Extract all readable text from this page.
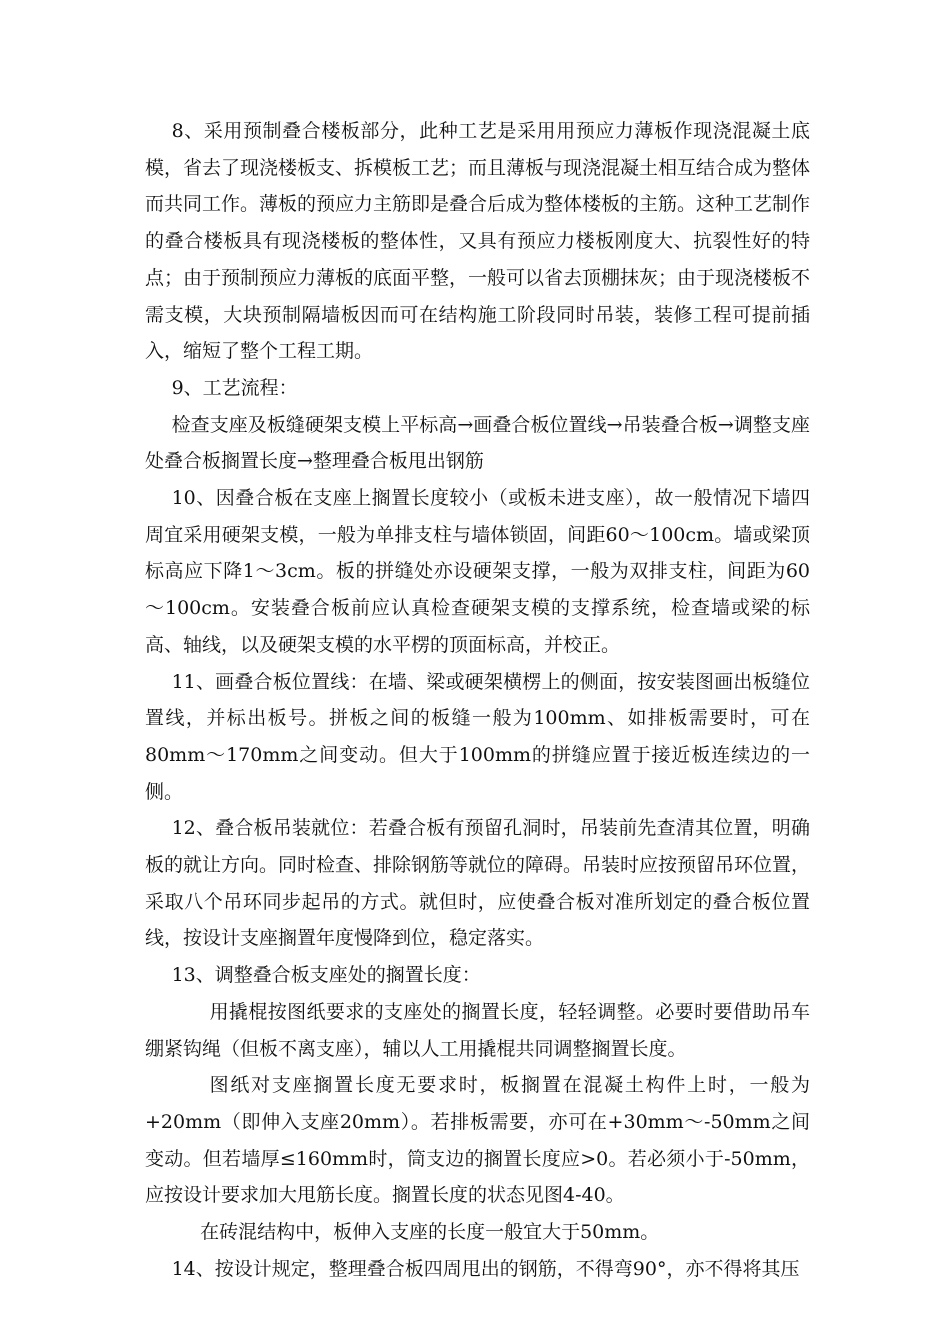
8、采用预制叠合楼板部分，此种工艺是采用用预应力薄板作现浇混凝土底模，省去了现浇楼板支、拆模板工艺；而且薄板与现浇混凝土相互结合成为整体而共同工作。薄板的预应力主筋即是叠合后成为整体楼板的主筋。这种工艺制作的叠合楼板具有现浇楼板的整体性，又具有预应力楼板刚度大、抗裂性好的特点；由于预制预应力薄板的底面平整，一般可以省去顶棚抹灰；由于现浇楼板不需支模，大块预制隔墙板因而可在结构施工阶段同时吊装，装修工程可提前插入，缩短了整个工程工期。

9、工艺流程：

检查支座及板缝硬架支模上平标高→画叠合板位置线→吊装叠合板→调整支座处叠合板搁置长度→整理叠合板甩出钢筋

10、因叠合板在支座上搁置长度较小（或板未进支座），故一般情况下墙四周宜采用硬架支模，一般为单排支柱与墙体锁固，间距60～100cm。墙或梁顶标高应下降1～3cm。板的拼缝处亦设硬架支撑，一般为双排支柱，间距为60～100cm。安装叠合板前应认真检查硬架支模的支撑系统，检查墙或梁的标高、轴线，以及硬架支模的水平楞的顶面标高，并校正。

11、画叠合板位置线：在墙、梁或硬架横楞上的侧面，按安装图画出板缝位置线，并标出板号。拼板之间的板缝一般为100mm、如排板需要时，可在80mm～170mm之间变动。但大于100mm的拼缝应置于接近板连续边的一侧。

12、叠合板吊装就位：若叠合板有预留孔洞时，吊装前先查清其位置，明确板的就让方向。同时检查、排除钢筋等就位的障碍。吊装时应按预留吊环位置，采取八个吊环同步起吊的方式。就但时，应使叠合板对准所划定的叠合板位置线，按设计支座搁置年度慢降到位，稳定落实。

13、调整叠合板支座处的搁置长度：

用撬棍按图纸要求的支座处的搁置长度，轻轻调整。必要时要借助吊车绷紧钩绳（但板不离支座），辅以人工用撬棍共同调整搁置长度。

图纸对支座搁置长度无要求时，板搁置在混凝土构件上时，一般为+20mm（即伸入支座20mm）。若排板需要，亦可在+30mm～-50mm之间变动。但若墙厚≤160mm时，筒支边的搁置长度应>0。若必须小于-50mm，应按设计要求加大甩筋长度。搁置长度的状态见图4-40。

在砖混结构中，板伸入支座的长度一般宜大于50mm。

14、按设计规定，整理叠合板四周甩出的钢筋，不得弯90°，亦不得将其压
